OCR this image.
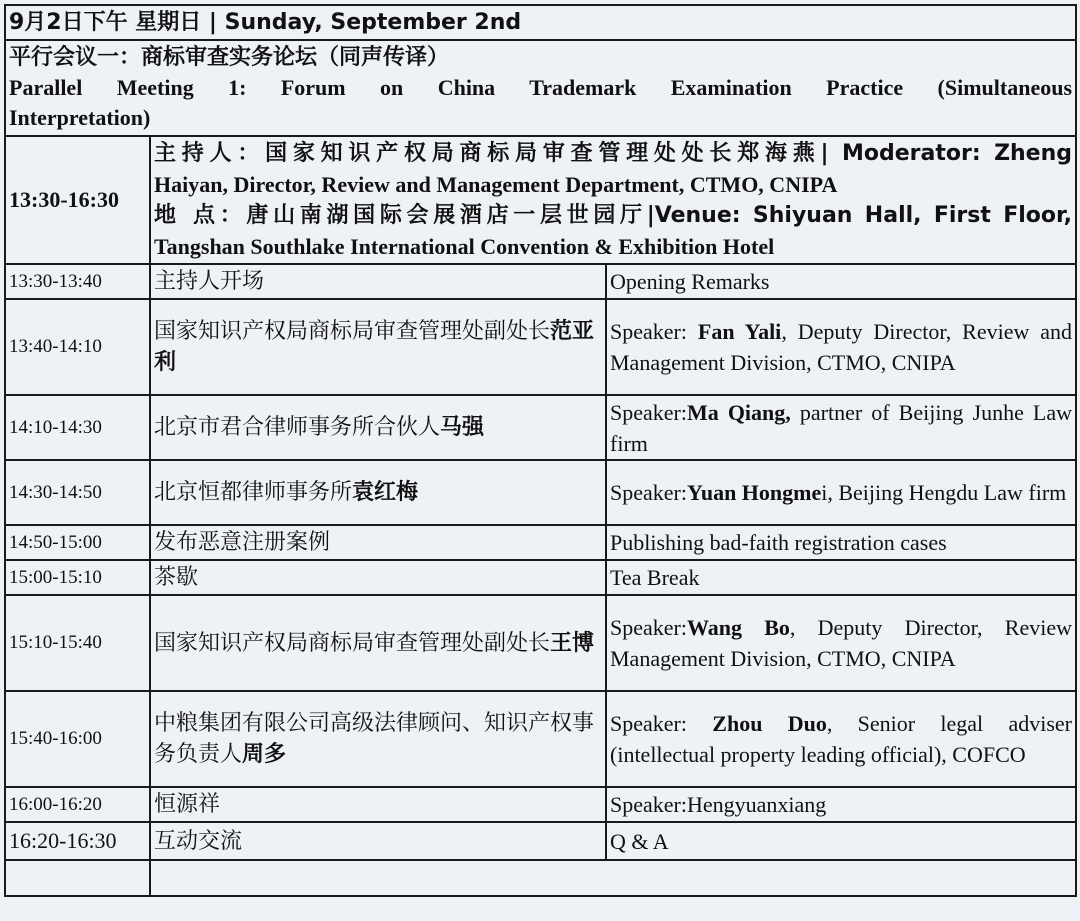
9月2日下午 星期日 | Sunday, September 2nd		

平行会议一：商标审查实务论坛（同声传译）
Parallel Meeting 1: Forum on China Trademark Examination Practice (Simultaneous
Interpretation)		

13:30-16:30	主持人：国家知识产权局商标局审查管理处处长郑海燕| Moderator: Zheng
Haiyan, Director, Review and Management Department, CTMO, CNIPA
地 点：唐山南湖国际会展酒店一层世园厅|Venue: Shiyuan Hall, First Floor,
Tangshan Southlake International Convention & Exhibition Hotel	

13:30-13:40	主持人开场	Opening Remarks
13:40-14:10	国家知识产权局商标局审查管理处副处长范亚利	Speaker: Fan Yali, Deputy Director, Review and Management Division, CTMO, CNIPA
14:10-14:30	北京市君合律师事务所合伙人马强	Speaker:Ma Qiang, partner of Beijing Junhe Law firm
14:30-14:50	北京恒都律师事务所袁红梅	Speaker:Yuan Hongmei, Beijing Hengdu Law firm
14:50-15:00	发布恶意注册案例	Publishing bad-faith registration cases
15:00-15:10	茶歇	Tea Break
15:10-15:40	国家知识产权局商标局审查管理处副处长王博	Speaker:Wang Bo, Deputy Director, Review Management Division, CTMO, CNIPA
15:40-16:00	中粮集团有限公司高级法律顾问、知识产权事务负责人周多	Speaker: Zhou Duo, Senior legal adviser (intellectual property leading official), COFCO
16:00-16:20	恒源祥	Speaker:Hengyuanxiang
16:20-16:30	互动交流	Q & A
